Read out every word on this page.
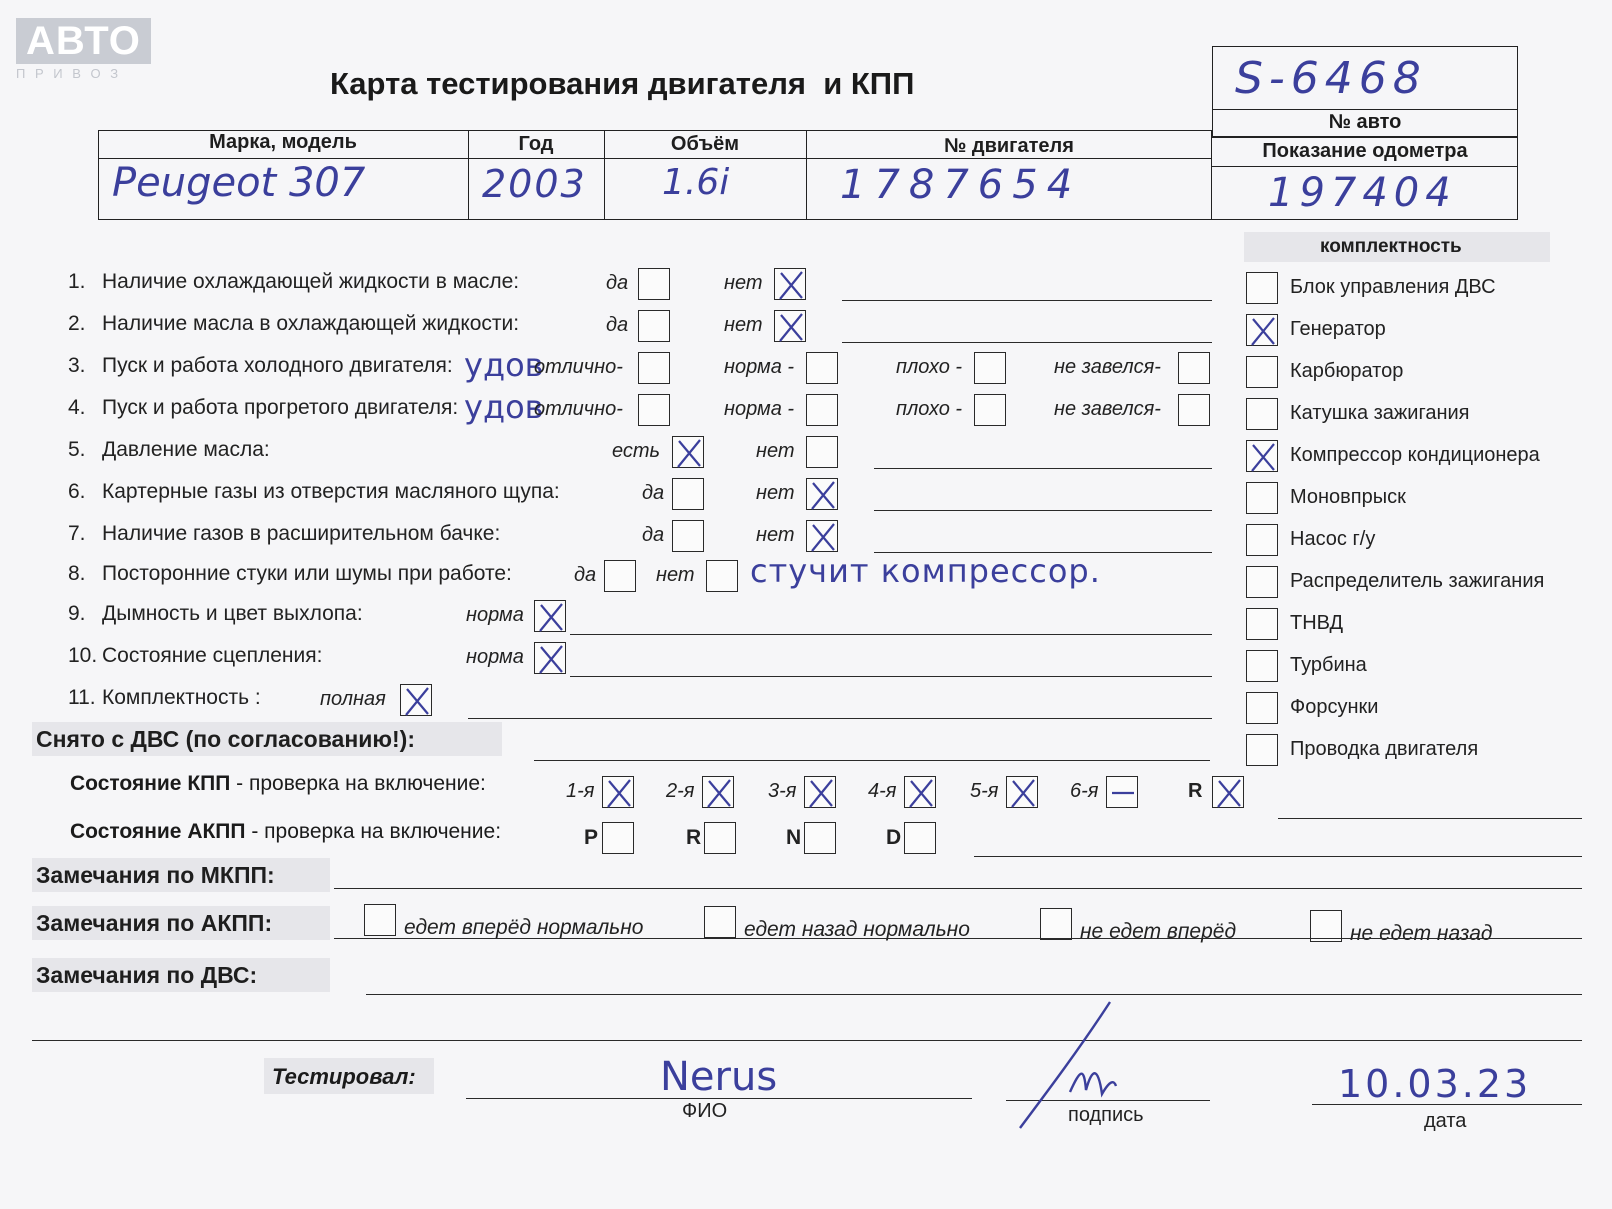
АВТО
П Р И В О З	Карта тестирования двигателя  и КПП	S-6468
№ авто
Марка, модель	Год	Объём	№ двигателя	Показание одометра
Peugeot 307	2003 1.6i	1787654	197404
комплектность
Блок управления ДВС
Генератор
Карбюратор
Катушка зажигания
Компрессор кондиционера
Моновпрыск
Насос г/у
Распределитель зажигания
ТНВД
Турбина
Форсунки
Проводка двигателя
1. Наличие охлаждающей жидкости в масле:	да	нет
2. Наличие масла в охлаждающей жидкости:	да	нет
3. Пуск и работа холодного двигателя: удов
отлично-	норма -	плохо -	не завелся-
4. Пуск и работа прогретого двигателя: удов
отлично-	норма -	плохо -	не завелся-
5. Давление масла:	есть	нет
6. Картерные газы из отверстия масляного щупа:	да	нет
7. Наличие газов в расширительном бачке:	да	нет
8. Посторонние стуки или шумы при работе:	да	нет стучит компрессор.
9. Дымность и цвет выхлопа:	норма
10. Состояние сцепления:	норма
11. Комплектность :	полная
Снято с ДВС (по согласованию!):
Состояние КПП - проверка на включение:	1-я	2-я	3-я	4-я	5-я	6-я	R
Состояние АКПП - проверка на включение:	P	R	N	D
Замечания по МКПП:
Замечания по АКПП:	едет вперёд нормально	едет назад нормально	не едет вперёд	не едет назад
Замечания по ДВС:
Тестировал:	Nerus
ФИО	подпись
10.03.23
дата
